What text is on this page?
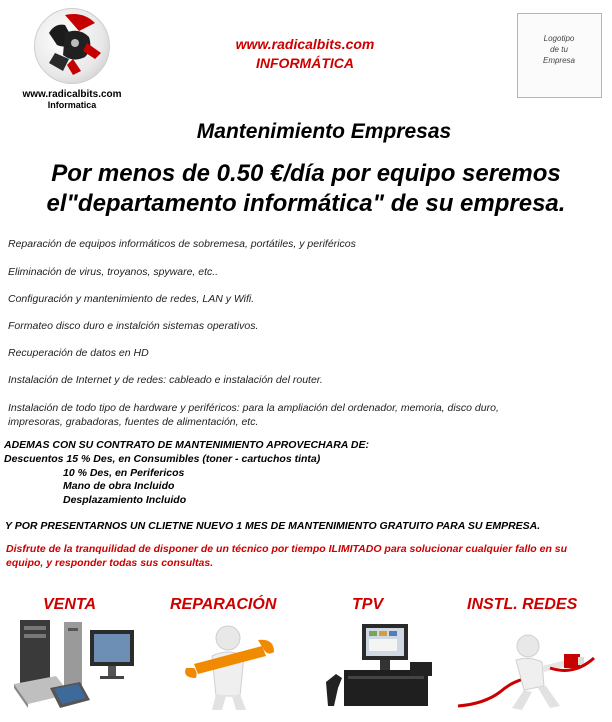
www.radicalbits.com
Informatica
www.radicalbits.com
INFORMÁTICA
Logotipo
de tu
Empresa
Mantenimiento Empresas
Por menos de 0.50 €/día por equipo seremos
el"departamento informática" de su empresa.
Reparación de equipos informáticos de sobremesa, portátiles, y periféricos
Eliminación de virus, troyanos, spyware, etc..
Configuración y mantenimiento de redes, LAN y Wifi.
Formateo disco duro e instalción sistemas operativos.
Recuperación de datos en HD
Instalación de Internet y de redes: cableado e instalación del router.
Instalación de todo tipo de hardware y periféricos: para la ampliación del ordenador, memoria, disco duro,
impresoras, grabadoras, fuentes de alimentación, etc.
ADEMAS CON SU CONTRATO DE MANTENIMIENTO APROVECHARA DE:
Descuentos 15 % Des, en Consumibles (toner - cartuchos tinta)
10 % Des, en Perifericos
Mano de obra Incluido
Desplazamiento Incluido
Y POR PRESENTARNOS UN CLIETNE NUEVO 1 MES DE MANTENIMIENTO GRATUITO PARA SU EMPRESA.
Disfrute de la tranquilidad de disponer de un técnico por tiempo ILIMITADO para solucionar cualquier fallo en su
equipo, y responder todas sus consultas.
VENTA	REPARACIÓN	TPV	INSTL. REDES
